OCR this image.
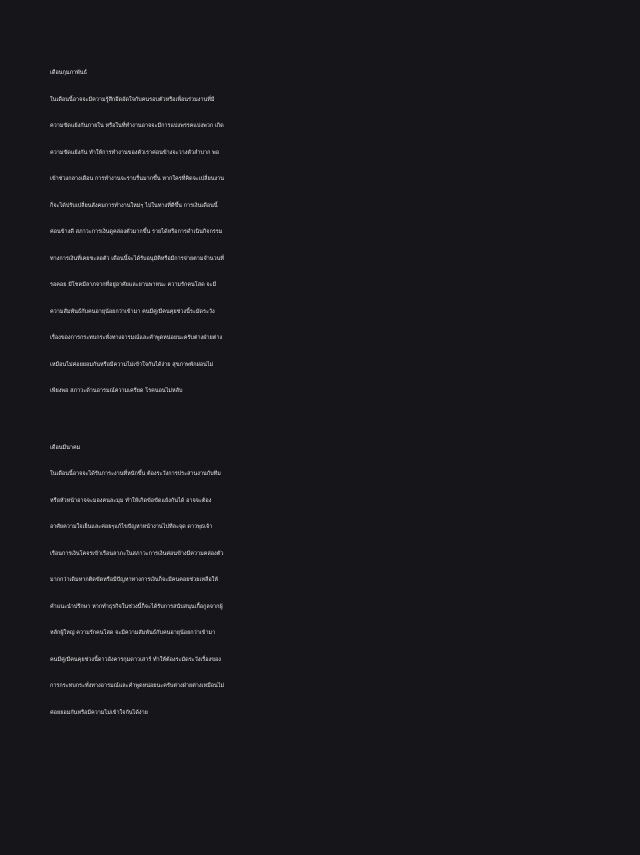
เดือนกุมภาพันธ์
ในเดือนนี้อาจจะมีความรู้สึกอึดอัดใจกับคนรอบตัวหรือเพื่อนร่วมงานที่มี
ความขัดแย้งกันภายใน หรือในที่ทำงานอาจจะมีการแบ่งพรรคแบ่งพวก เกิด
ความขัดแย้งกัน ทำให้การทำงานของตัวเราค่อนข้างจะวางตัวลำบาก พอ
เข้าช่วงกลางเดือน การทำงานจะราบรื่นมากขึ้น หากใครที่คิดจะเปลี่ยนงาน
ก็จะได้ปรับเปลี่ยนสังคมการทำงานใหม่ๆ ไปในทางที่ดีขึ้น การเงินเดือนนี้
ค่อนข้างดี สภาวะการเงินดูคล่องตัวมากขึ้น รายได้หรือการดำเนินกิจกรรม
ทางการเงินที่เคยชะลอตัว เดือนนี้จะได้รับอนุมัติหรือมีการจ่ายตามจำนวนที่
รอคอย มีโชคมีลาภจากที่อยู่อาศัยและยานพาหนะ ความรักคนโสด จะมี
ความสัมพันธ์กับคนอายุน้อยกว่าเข้ามา คนมีคู่/มีคนคุยช่วงนี้ระมัดระวัง
เรื่องของการกระทบกระทั่งทางอารมณ์และคำพูดหน่อยนะครับต่างฝ่ายต่าง
เหมือนไม่ค่อยยอมกันหรือมีความไม่เข้าใจกันได้ง่าย สุขภาพพักผ่อนไม่
เพียงพอ สภาวะด้านอารมณ์ความเครียด โรคนอนไม่หลับ
เดือนมีนาคม
ในเดือนนี้อาจจะได้รับภาระงานที่หนักขึ้น ต้องระวังการประสานงานกับทีม
หรือหัวหน้าอาจจะมองคนละมุม ทำให้เกิดข้อขัดแย้งกันได้ อาจจะต้อง
อาศัยความใจเย็นและค่อยๆแก้ไขปัญหาหน้างานไปทีละจุด ดาวพุธเจ้า
เรือนการเงินโคจรเข้าเรือนลาภะในสภาวะการเงินค่อนข้างมีความคล่องตัว
มากกว่าเดิมหากติดขัดหรือมีปัญหาทางการเงินก็จะมีคนคอยช่วยเหลือให้
คำแนะนำปรึกษา หากทำธุรกิจในช่วงนี้ก็จะได้รับการสนับสนุนเกื้อกูลจากผู้
หลักผู้ใหญ่ ความรักคนโสด จะมีความสัมพันธ์กับคนอายุน้อยกว่าเข้ามา
คนมีคู่/มีคนคุยช่วงนี้ดาวอังคารกุมดาวเสาร์ ทำให้ต้องระมัดระวังเรื่องของ
การกระทบกระทั่งทางอารมณ์และคำพูดหน่อยนะครับต่างฝ่ายต่างเหมือนไม่
ค่อยยอมกันหรือมีความไม่เข้าใจกันได้ง่าย
